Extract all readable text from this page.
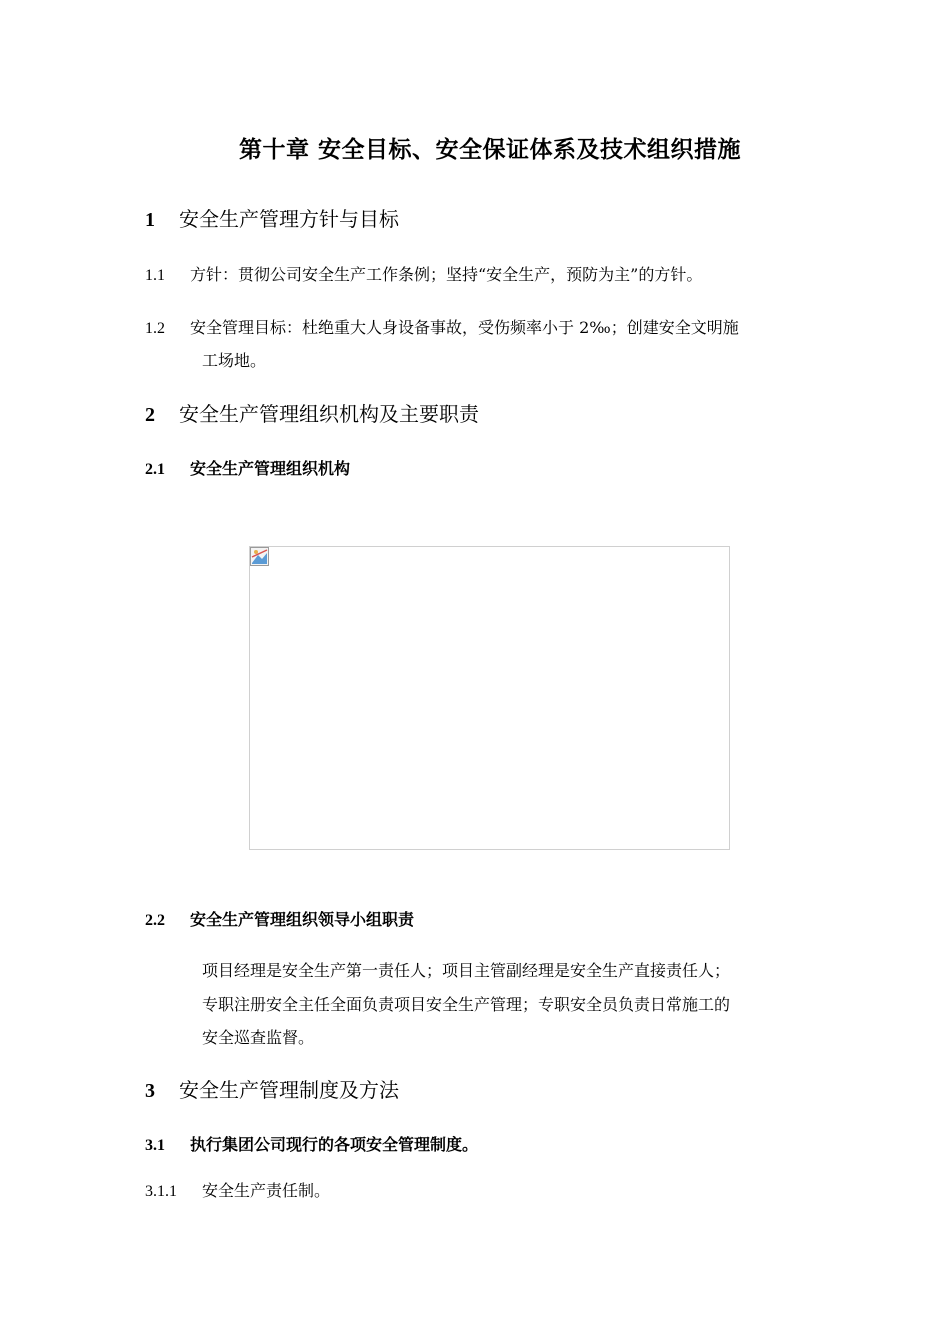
第十章 安全目标、安全保证体系及技术组织措施
1 安全生产管理方针与目标
1.1 方针：贯彻公司安全生产工作条例；坚持“安全生产，预防为主”的方针。
1.2 安全管理目标：杜绝重大人身设备事故，受伤频率小于 2‰；创建安全文明施
工场地。
2 安全生产管理组织机构及主要职责
2.1 安全生产管理组织机构
2.2 安全生产管理组织领导小组职责
项目经理是安全生产第一责任人；项目主管副经理是安全生产直接责任人；
专职注册安全主任全面负责项目安全生产管理；专职安全员负责日常施工的
安全巡查监督。
3 安全生产管理制度及方法
3.1 执行集团公司现行的各项安全管理制度。
3.1.1 安全生产责任制。
